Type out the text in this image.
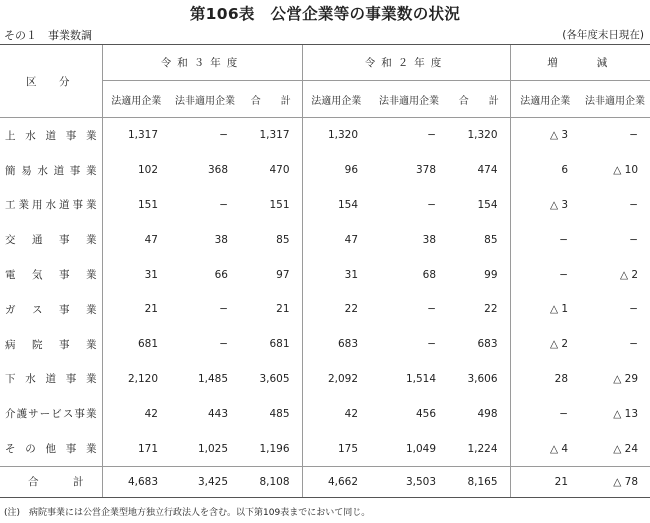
第106表　公営企業等の事業数の状況
その１　事業数調	(各年度末日現在)
区　分	令和３年度			令和２年度			増　　減	
	法適用企業	法非適用企業	合　　計	法適用企業	法非適用企業	合　　計	法適用企業	法非適用企業
上水道事業	1,317	−	1,317	1,320	−	1,320	△ 3	−
簡易水道事業	102	368	470	96	378	474	6	△ 10
工業用水道事業	151	−	151	154	−	154	△ 3	−
交通事業	47	38	85	47	38	85	−	−
電気事業	31	66	97	31	68	99	−	△ 2
ガス事業	21	−	21	22	−	22	△ 1	−
病院事業	681	−	681	683	−	683	△ 2	−
下水道事業	2,120	1,485	3,605	2,092	1,514	3,606	28	△ 29
介護サービス事業	42	443	485	42	456	498	−	△ 13
その他事業	171	1,025	1,196	175	1,049	1,224	△ 4	△ 24
合計	4,683	3,425	8,108	4,662	3,503	8,165	21	△ 78
(注)　病院事業には公営企業型地方独立行政法人を含む。以下第109表までにおいて同じ。
